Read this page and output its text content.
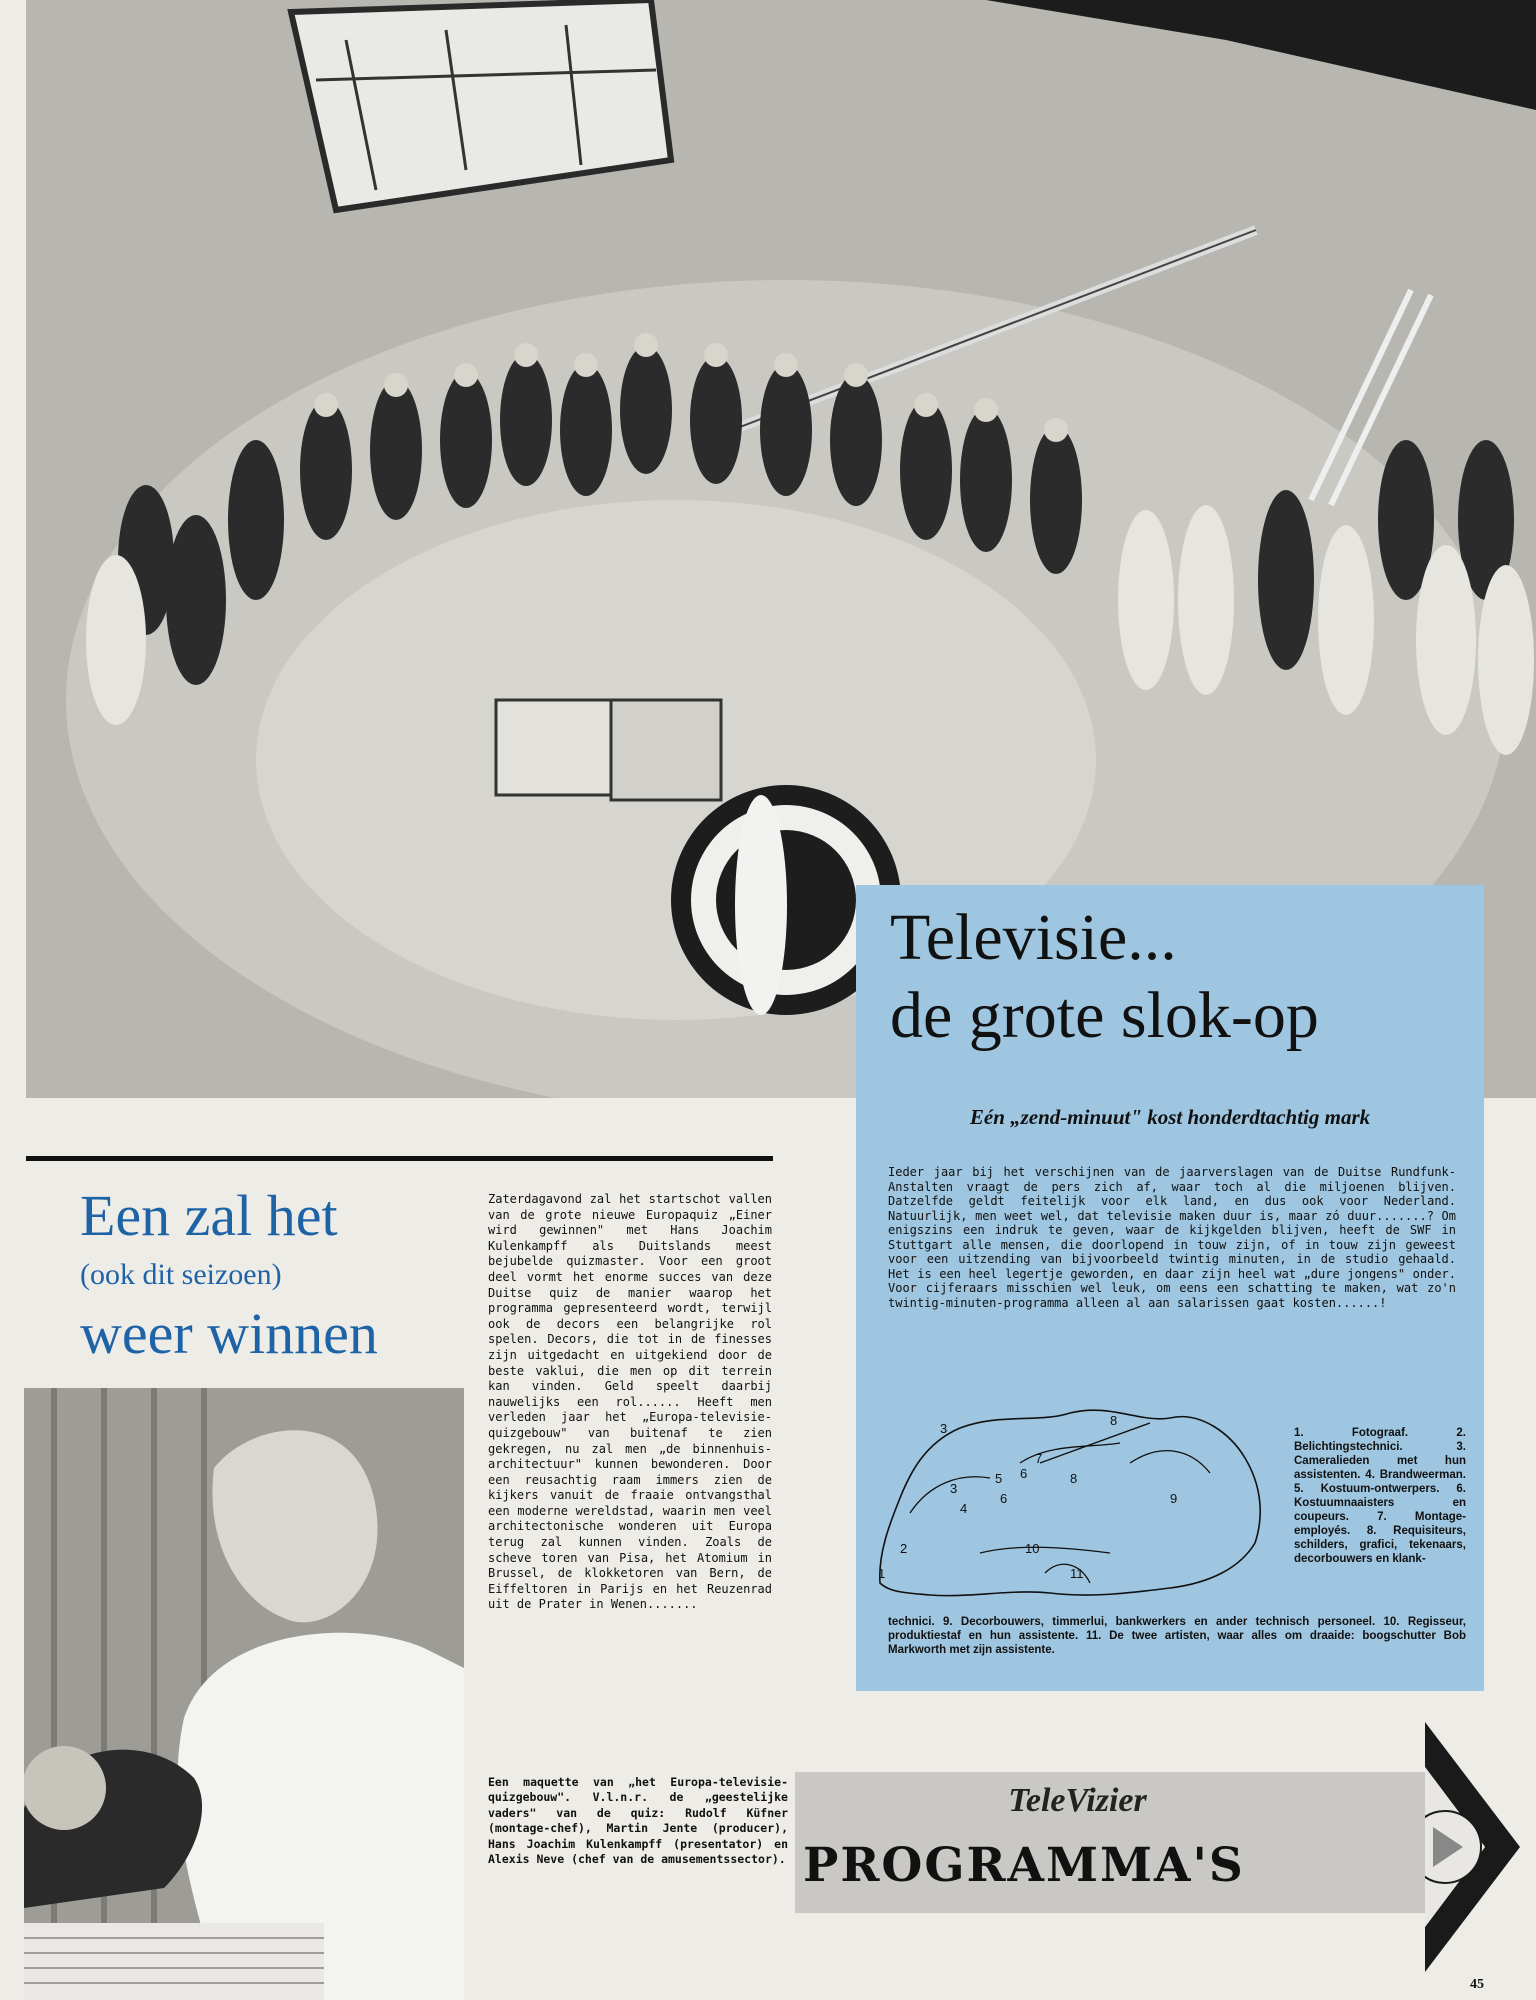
Televisie...
de grote slok-op

Eén „zend-minuut" kost honderdtachtig mark

Ieder jaar bij het verschijnen van de jaarverslagen van de Duitse Rundfunk-Anstalten vraagt de pers zich af, waar toch al die miljoenen blijven. Datzelfde geldt feitelijk voor elk land, en dus ook voor Nederland. Natuurlijk, men weet wel, dat televisie maken duur is, maar zó duur.......? Om enigszins een indruk te geven, waar de kijkgelden blijven, heeft de SWF in Stuttgart alle mensen, die doorlopend in touw zijn, of in touw zijn geweest voor een uitzending van bijvoorbeeld twintig minuten, in de studio gehaald. Het is een heel legertje geworden, en daar zijn heel wat „dure jongens" onder. Voor cijferaars misschien wel leuk, om eens een schatting te maken, wat zo'n twintig-minuten-programma alleen al aan salarissen gaat kosten......!

1
2
3
3
4
5 6
6
7
8
8
9
10
11

1. Fotograaf. 2. Belichtingstechnici. 3. Cameralieden met hun assistenten. 4. Brandweerman. 5. Kostuum-ontwerpers. 6. Kostuumnaaisters en coupeurs. 7. Montage-employés. 8. Requisiteurs, schilders, grafici, tekenaars, decorbouwers en klank-

technici. 9. Decorbouwers, timmerlui, bankwerkers en ander technisch personeel. 10. Regisseur, produktiestaf en hun assistente. 11. De twee artisten, waar alles om draaide: boogschutter Bob Markworth met zijn assistente.

Een zal het
(ook dit seizoen)
weer winnen

Zaterdagavond zal het startschot vallen van de grote nieuwe Europaquiz „Einer wird gewinnen" met Hans Joachim Kulenkampff als Duitslands meest bejubelde quizmaster. Voor een groot deel vormt het enorme succes van deze Duitse quiz de manier waarop het programma gepresenteerd wordt, terwijl ook de decors een belangrijke rol spelen. Decors, die tot in de finesses zijn uitgedacht en uitgekiend door de beste vaklui, die men op dit terrein kan vinden. Geld speelt daarbij nauwelijks een rol...... Heeft men verleden jaar het „Europa-televisie-quizgebouw" van buitenaf te zien gekregen, nu zal men „de binnenhuis-architectuur" kunnen bewonderen. Door een reusachtig raam immers zien de kijkers vanuit de fraaie ontvangsthal een moderne wereldstad, waarin men veel architectonische wonderen uit Europa terug zal kunnen vinden. Zoals de scheve toren van Pisa, het Atomium in Brussel, de klokketoren van Bern, de Eiffeltoren in Parijs en het Reuzenrad uit de Prater in Wenen.......

Een maquette van „het Europa-televisie-quizgebouw". V.l.n.r. de „geestelijke vaders" van de quiz: Rudolf Küfner (montage-chef), Martin Jente (producer), Hans Joachim Kulenkampff (presentator) en Alexis Neve (chef van de amusementssector).

TeleVizier

PROGRAMMA'S

45
